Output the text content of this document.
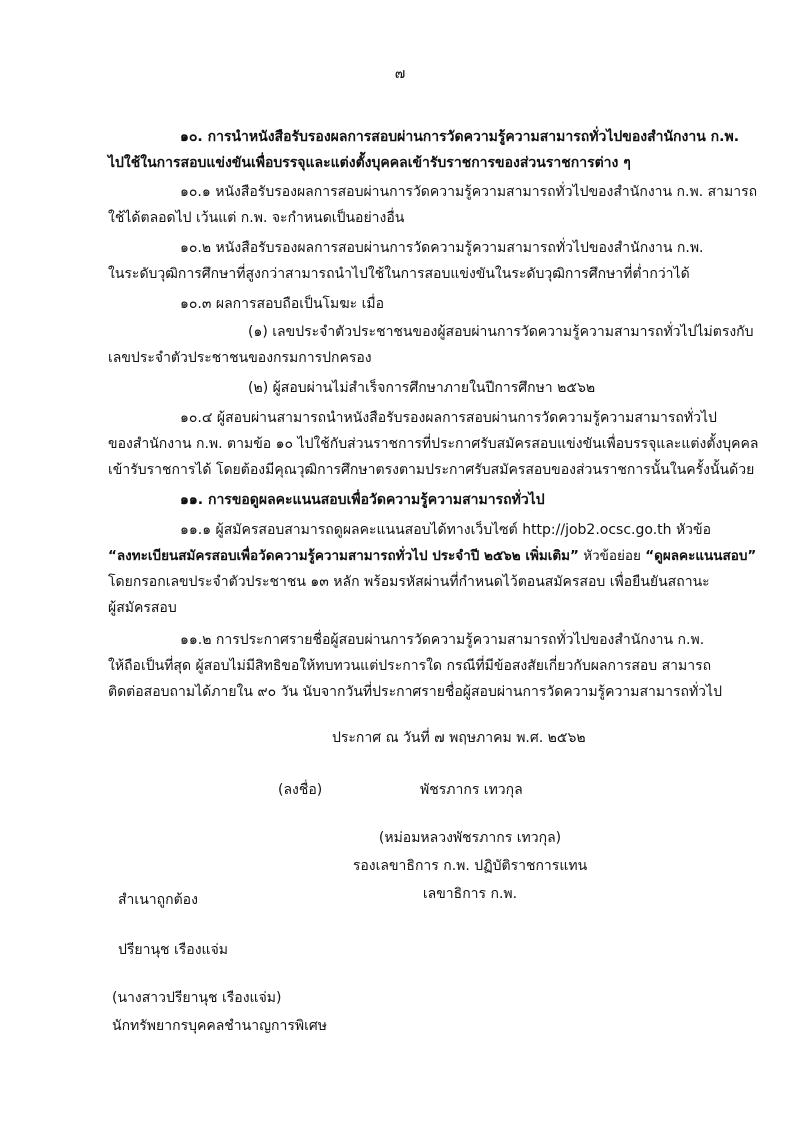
๗
๑๐. การนำหนังสือรับรองผลการสอบผ่านการวัดความรู้ความสามารถทั่วไปของสำนักงาน ก.พ.
ไปใช้ในการสอบแข่งขันเพื่อบรรจุและแต่งตั้งบุคคลเข้ารับราชการของส่วนราชการต่าง ๆ
๑๐.๑ หนังสือรับรองผลการสอบผ่านการวัดความรู้ความสามารถทั่วไปของสำนักงาน ก.พ. สามารถ
ใช้ได้ตลอดไป เว้นแต่ ก.พ. จะกำหนดเป็นอย่างอื่น
๑๐.๒ หนังสือรับรองผลการสอบผ่านการวัดความรู้ความสามารถทั่วไปของสำนักงาน ก.พ.
ในระดับวุฒิการศึกษาที่สูงกว่าสามารถนำไปใช้ในการสอบแข่งขันในระดับวุฒิการศึกษาที่ต่ำกว่าได้
๑๐.๓ ผลการสอบถือเป็นโมฆะ เมื่อ
(๑) เลขประจำตัวประชาชนของผู้สอบผ่านการวัดความรู้ความสามารถทั่วไปไม่ตรงกับ
เลขประจำตัวประชาชนของกรมการปกครอง
(๒) ผู้สอบผ่านไม่สำเร็จการศึกษาภายในปีการศึกษา ๒๕๖๒
๑๐.๔ ผู้สอบผ่านสามารถนำหนังสือรับรองผลการสอบผ่านการวัดความรู้ความสามารถทั่วไป
ของสำนักงาน ก.พ. ตามข้อ ๑๐ ไปใช้กับส่วนราชการที่ประกาศรับสมัครสอบแข่งขันเพื่อบรรจุและแต่งตั้งบุคคล
เข้ารับราชการได้ โดยต้องมีคุณวุฒิการศึกษาตรงตามประกาศรับสมัครสอบของส่วนราชการนั้นในครั้งนั้นด้วย
๑๑. การขอดูผลคะแนนสอบเพื่อวัดความรู้ความสามารถทั่วไป
๑๑.๑ ผู้สมัครสอบสามารถดูผลคะแนนสอบได้ทางเว็บไซต์ http://job2.ocsc.go.th หัวข้อ
“ลงทะเบียนสมัครสอบเพื่อวัดความรู้ความสามารถทั่วไป ประจำปี ๒๕๖๒ เพิ่มเติม” หัวข้อย่อย “ดูผลคะแนนสอบ”
โดยกรอกเลขประจำตัวประชาชน ๑๓ หลัก พร้อมรหัสผ่านที่กำหนดไว้ตอนสมัครสอบ เพื่อยืนยันสถานะ
ผู้สมัครสอบ
๑๑.๒ การประกาศรายชื่อผู้สอบผ่านการวัดความรู้ความสามารถทั่วไปของสำนักงาน ก.พ.
ให้ถือเป็นที่สุด ผู้สอบไม่มีสิทธิขอให้ทบทวนแต่ประการใด กรณีที่มีข้อสงสัยเกี่ยวกับผลการสอบ สามารถ
ติดต่อสอบถามได้ภายใน ๙๐ วัน นับจากวันที่ประกาศรายชื่อผู้สอบผ่านการวัดความรู้ความสามารถทั่วไป
ประกาศ ณ วันที่ ๗ พฤษภาคม พ.ศ. ๒๕๖๒
(ลงชื่อ)	พัชรภากร เทวกุล
(หม่อมหลวงพัชรภากร เทวกุล)
รองเลขาธิการ ก.พ. ปฏิบัติราชการแทน
เลขาธิการ ก.พ.
สำเนาถูกต้อง
ปรียานุช เรืองแจ่ม
(นางสาวปรียานุช เรืองแจ่ม)
นักทรัพยากรบุคคลชำนาญการพิเศษ
